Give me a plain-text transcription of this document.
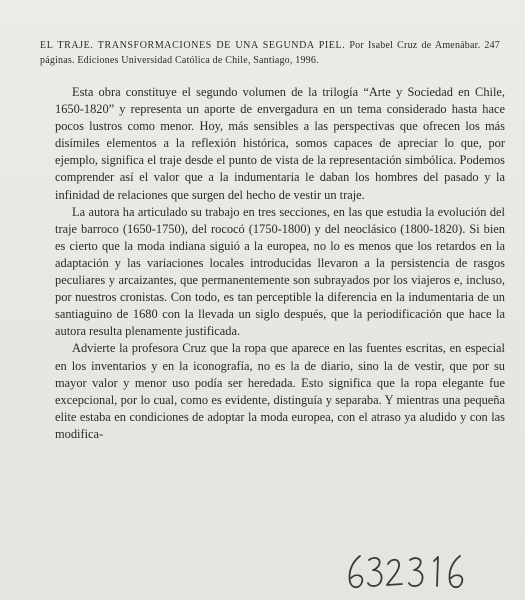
EL TRAJE. TRANSFORMACIONES DE UNA SEGUNDA PIEL. Por Isabel Cruz de Amenábar. 247 páginas. Ediciones Universidad Católica de Chile, Santiago, 1996.

Esta obra constituye el segundo volumen de la trilogía “Arte y Sociedad en Chile, 1650-1820” y representa un aporte de envergadura en un tema considerado hasta hace pocos lustros como menor. Hoy, más sensibles a las perspectivas que ofrecen los más disímiles elementos a la reflexión histórica, somos capaces de apreciar lo que, por ejemplo, significa el traje desde el punto de vista de la representación simbólica. Podemos comprender así el valor que a la indumentaria le daban los hombres del pasado y la infinidad de relaciones que surgen del hecho de vestir un traje.

La autora ha articulado su trabajo en tres secciones, en las que estudia la evolución del traje barroco (1650-1750), del rococó (1750-1800) y del neoclásico (1800-1820). Si bien es cierto que la moda indiana siguió a la europea, no lo es menos que los retardos en la adaptación y las variaciones locales introducidas llevaron a la persistencia de rasgos peculiares y arcaizantes, que permanentemente son subrayados por los viajeros e, incluso, por nuestros cronistas. Con todo, es tan perceptible la diferencia en la indumentaria de un santiaguino de 1680 con la llevada un siglo después, que la periodificación que hace la autora resulta plenamente justificada.

Advierte la profesora Cruz que la ropa que aparece en las fuentes escritas, en especial en los inventarios y en la iconografía, no es la de diario, sino la de vestir, que por su mayor valor y menor uso podía ser heredada. Esto significa que la ropa elegante fue excepcional, por lo cual, como es evidente, distinguía y separaba. Y mientras una pequeña elite estaba en condiciones de adoptar la moda europea, con el atraso ya aludido y con las modifica-
